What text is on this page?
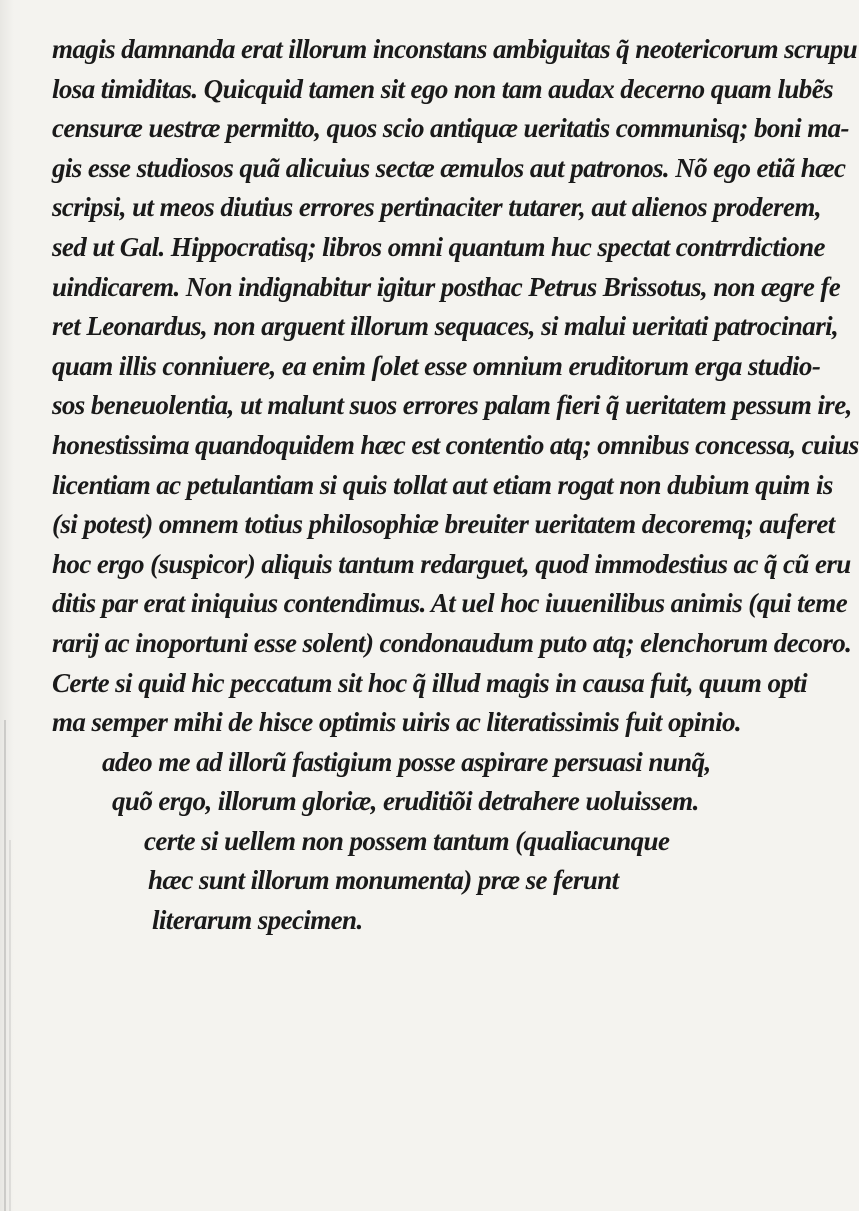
magis damnanda erat illorum inconstans ambiguitas q̃ neotericorum scrupu
losa timiditas. Quicquid tamen sit ego non tam audax decerno quam lubẽs
censuræ uestræ permitto, quos scio antiquæ ueritatis communisq; boni ma-
gis esse studiosos quã alicuius sectæ æmulos aut patronos. Nõ ego etiã hæc
scripsi, ut meos diutius errores pertinaciter tutarer, aut alienos proderem,
sed ut Gal. Hippocratisq; libros omni quantum huc spectat contrrdictione
uindicarem. Non indignabitur igitur posthac Petrus Brissotus, non ægre fe
ret Leonardus, non arguent illorum sequaces, si malui ueritati patrocinari,
quam illis conniuere, ea enim ſolet esse omnium eruditorum erga studio-
sos beneuolentia, ut malunt suos errores palam fieri q̃ ueritatem pessum ire,
honestissima quandoquidem hæc est contentio atq; omnibus concessa, cuius
licentiam ac petulantiam si quis tollat aut etiam rogat non dubium quim is
(si potest) omnem totius philosophiæ breuiter ueritatem decoremq; auferet
hoc ergo (suspicor) aliquis tantum redarguet, quod immodestius ac q̃ cũ eru
ditis par erat iniquius contendimus. At uel hoc iuuenilibus animis (qui teme
rarij ac inoportuni esse solent) condonaudum puto atq; elenchorum decoro.
Certe si quid hic peccatum sit hoc q̃ illud magis in causa fuit, quum opti
ma semper mihi de hisce optimis uiris ac literatissimis fuit opinio.
adeo me ad illorũ fastigium posse aspirare persuasi nunq̃,
quõ ergo, illorum gloriæ, eruditiõi detrahere uoluissem.
certe si uellem non possem tantum (qualiacunque
hæc sunt illorum monumenta) præ se ferunt
literarum specimen.
